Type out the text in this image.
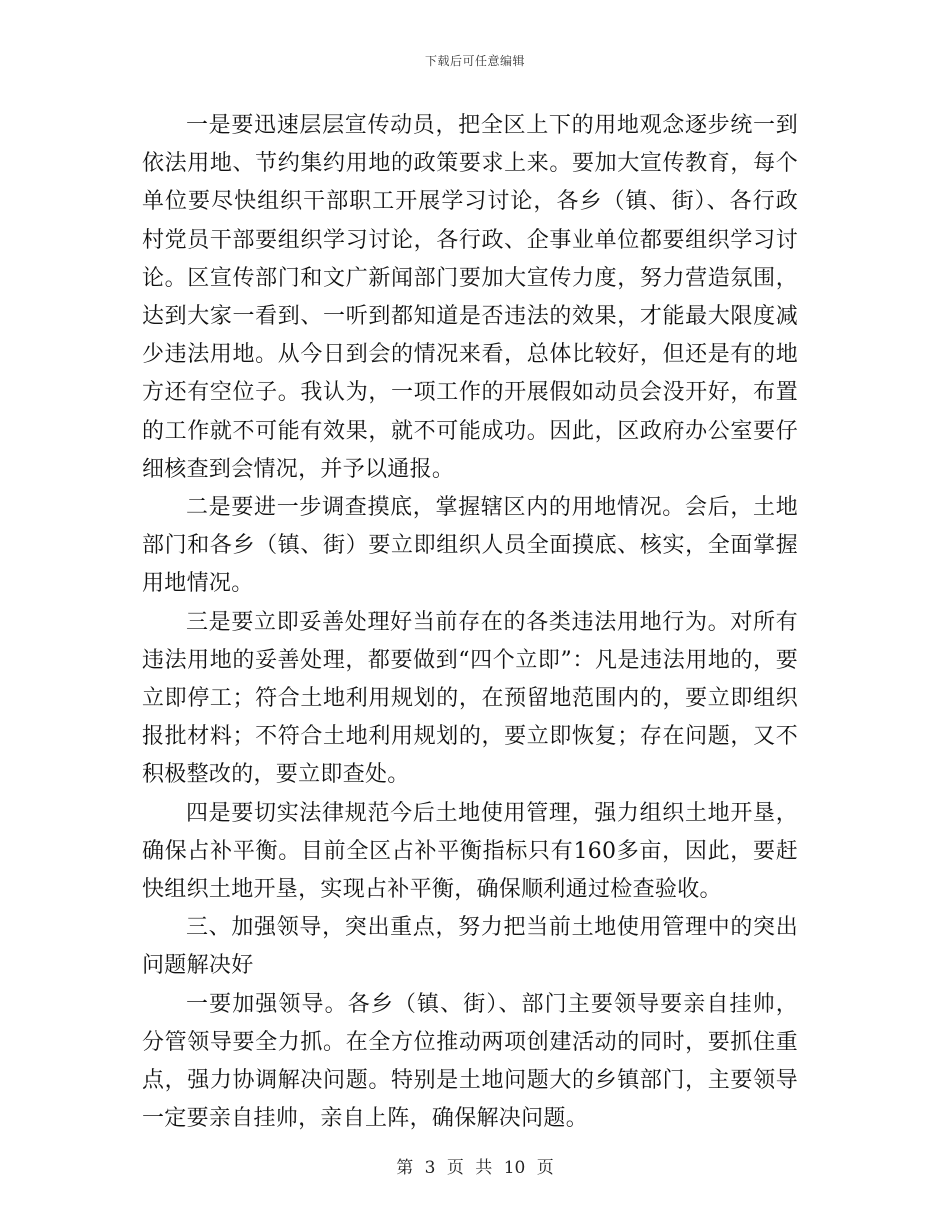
下载后可任意编辑

一是要迅速层层宣传动员，把全区上下的用地观念逐步统一到依法用地、节约集约用地的政策要求上来。要加大宣传教育，每个单位要尽快组织干部职工开展学习讨论，各乡（镇、街）、各行政村党员干部要组织学习讨论，各行政、企事业单位都要组织学习讨论。区宣传部门和文广新闻部门要加大宣传力度，努力营造氛围，达到大家一看到、一听到都知道是否违法的效果，才能最大限度减少违法用地。从今日到会的情况来看，总体比较好，但还是有的地方还有空位子。我认为，一项工作的开展假如动员会没开好，布置的工作就不可能有效果，就不可能成功。因此，区政府办公室要仔细核查到会情况，并予以通报。

二是要进一步调查摸底，掌握辖区内的用地情况。会后，土地部门和各乡（镇、街）要立即组织人员全面摸底、核实，全面掌握用地情况。

三是要立即妥善处理好当前存在的各类违法用地行为。对所有违法用地的妥善处理，都要做到“四个立即”：凡是违法用地的，要立即停工；符合土地利用规划的，在预留地范围内的，要立即组织报批材料；不符合土地利用规划的，要立即恢复；存在问题，又不积极整改的，要立即查处。

四是要切实法律规范今后土地使用管理，强力组织土地开垦，确保占补平衡。目前全区占补平衡指标只有160多亩，因此，要赶快组织土地开垦，实现占补平衡，确保顺利通过检查验收。

三、加强领导，突出重点，努力把当前土地使用管理中的突出问题解决好

一要加强领导。各乡（镇、街）、部门主要领导要亲自挂帅，分管领导要全力抓。在全方位推动两项创建活动的同时，要抓住重点，强力协调解决问题。特别是土地问题大的乡镇部门，主要领导一定要亲自挂帅，亲自上阵，确保解决问题。

第 3 页 共 10 页
